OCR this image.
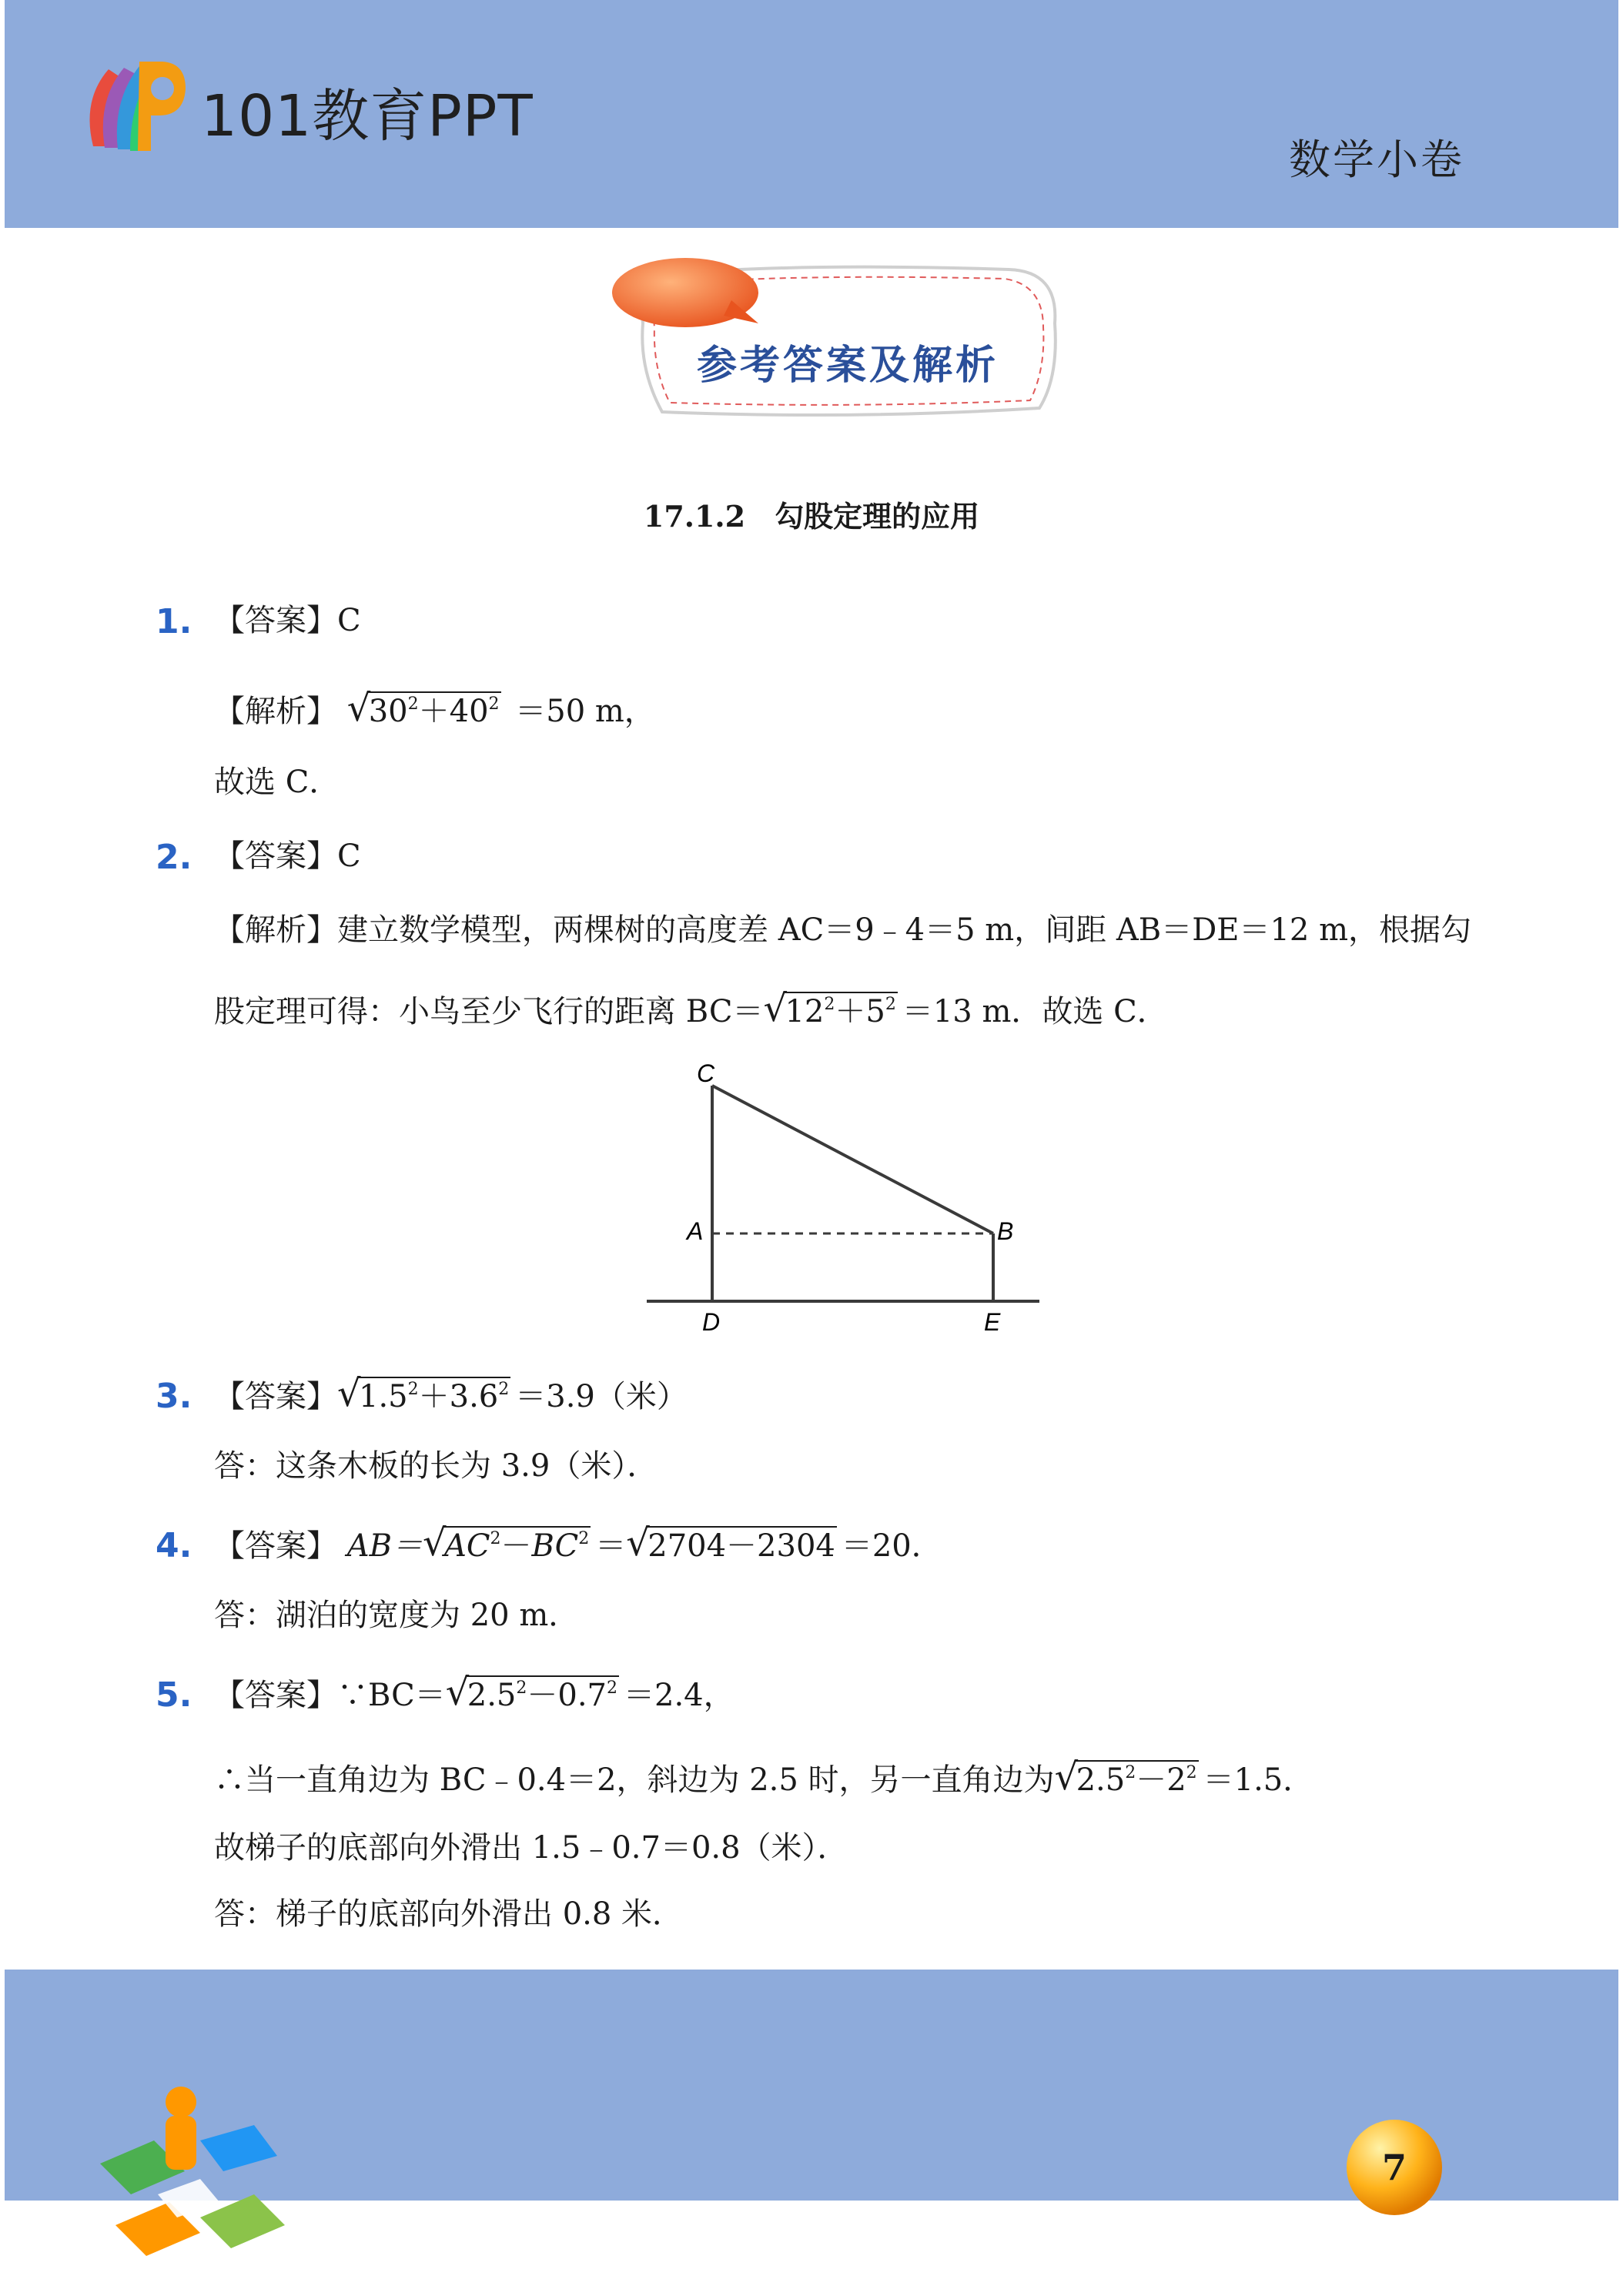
101教育PPT
数学小卷
参考答案及解析
17.1.2　勾股定理的应用
1. 【答案】C
【解析】 √ $30^2+40^2 =50$ m，
故选 C．
2. 【答案】C
【解析】建立数学模型，两棵树的高度差 AC＝9﹣4＝5 m，间距 AB＝DE＝12 m，根据勾
股定理可得：小鸟至少飞行的距离 BC＝ √ $12^2+5^2 =13$ m．故选 C．
C
A	B
D	E
3. 【答案】 √ $1.5^2+3.6^2 =3.9$（米）
答：这条木板的长为 3.9（米）．
4. 【答案】 AB＝ √ $AC^2-BC^2$ ＝ √ 2704－2304 ＝20．
答：湖泊的宽度为 20 m．
5. 【答案】∵BC＝ √ $2.5^2-0.7^2 =2.4$，
∴当一直角边为 BC﹣0.4＝2，斜边为 2.5 时，另一直角边为 √ $2.5^2-2^2 =1.5$．
故梯子的底部向外滑出 1.5﹣0.7＝0.8（米）．
答：梯子的底部向外滑出 0.8 米．
7
